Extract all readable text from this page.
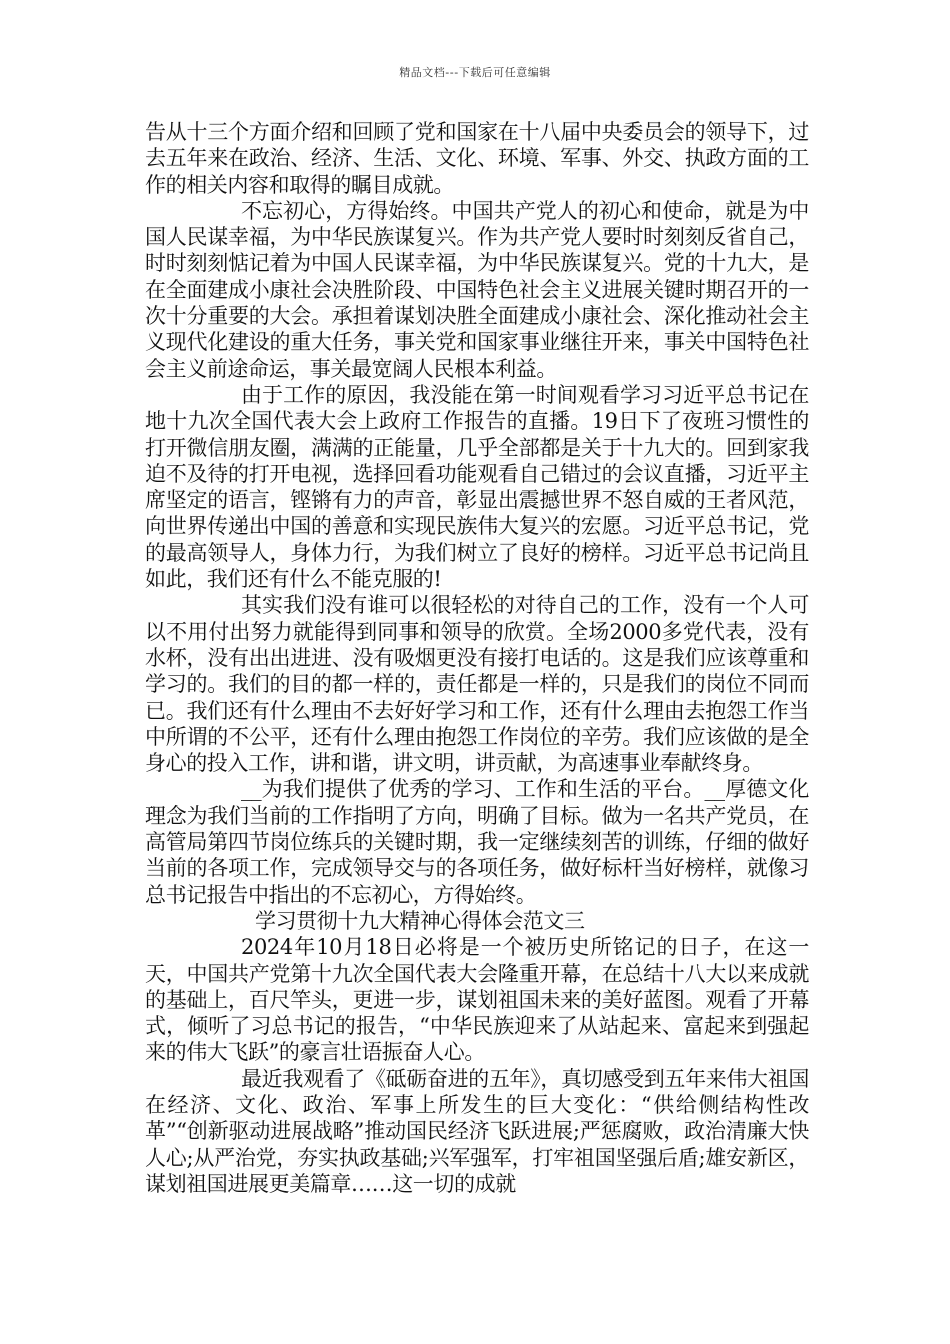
精品文档---下载后可任意编辑

告从十三个方面介绍和回顾了党和国家在十八届中央委员会的领导下，过去五年来在政治、经济、生活、文化、环境、军事、外交、执政方面的工作的相关内容和取得的瞩目成就。

不忘初心，方得始终。中国共产党人的初心和使命，就是为中国人民谋幸福，为中华民族谋复兴。作为共产党人要时时刻刻反省自己，时时刻刻惦记着为中国人民谋幸福，为中华民族谋复兴。党的十九大，是在全面建成小康社会决胜阶段、中国特色社会主义进展关键时期召开的一次十分重要的大会。承担着谋划决胜全面建成小康社会、深化推动社会主义现代化建设的重大任务，事关党和国家事业继往开来，事关中国特色社会主义前途命运，事关最宽阔人民根本利益。

由于工作的原因，我没能在第一时间观看学习习近平总书记在地十九次全国代表大会上政府工作报告的直播。19日下了夜班习惯性的打开微信朋友圈，满满的正能量，几乎全部都是关于十九大的。回到家我迫不及待的打开电视，选择回看功能观看自己错过的会议直播，习近平主席坚定的语言，铿锵有力的声音，彰显出震撼世界不怒自威的王者风范，向世界传递出中国的善意和实现民族伟大复兴的宏愿。习近平总书记，党的最高领导人，身体力行，为我们树立了良好的榜样。习近平总书记尚且如此，我们还有什么不能克服的!

其实我们没有谁可以很轻松的对待自己的工作，没有一个人可以不用付出努力就能得到同事和领导的欣赏。全场2000多党代表，没有水杯，没有出出进进、没有吸烟更没有接打电话的。这是我们应该尊重和学习的。我们的目的都一样的，责任都是一样的，只是我们的岗位不同而已。我们还有什么理由不去好好学习和工作，还有什么理由去抱怨工作当中所谓的不公平，还有什么理由抱怨工作岗位的辛劳。我们应该做的是全身心的投入工作，讲和谐，讲文明，讲贡献，为高速事业奉献终身。

__为我们提供了优秀的学习、工作和生活的平台。__厚德文化理念为我们当前的工作指明了方向，明确了目标。做为一名共产党员，在高管局第四节岗位练兵的关键时期，我一定继续刻苦的训练，仔细的做好当前的各项工作，完成领导交与的各项任务，做好标杆当好榜样，就像习总书记报告中指出的不忘初心，方得始终。

学习贯彻十九大精神心得体会范文三

2024年10月18日必将是一个被历史所铭记的日子，在这一天，中国共产党第十九次全国代表大会隆重开幕，在总结十八大以来成就的基础上，百尺竿头，更进一步，谋划祖国未来的美好蓝图。观看了开幕式，倾听了习总书记的报告，“中华民族迎来了从站起来、富起来到强起来的伟大飞跃”的豪言壮语振奋人心。

最近我观看了《砥砺奋进的五年》，真切感受到五年来伟大祖国在经济、文化、政治、军事上所发生的巨大变化：“供给侧结构性改革”“创新驱动进展战略”推动国民经济飞跃进展;严惩腐败，政治清廉大快人心;从严治党，夯实执政基础;兴军强军，打牢祖国坚强后盾;雄安新区，谋划祖国进展更美篇章……这一切的成就
